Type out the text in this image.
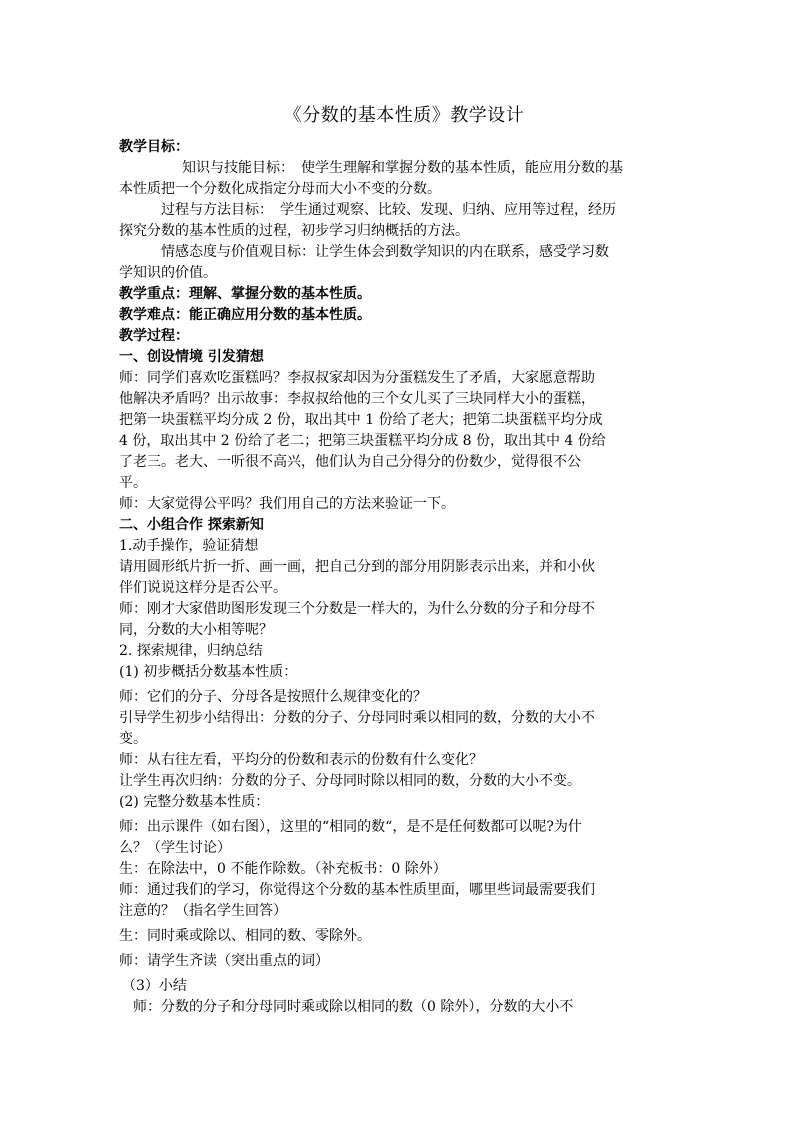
《分数的基本性质》教学设计
教学目标：
　　知识与技能目标：　使学生理解和掌握分数的基本性质，能应用分数的基
本性质把一个分数化成指定分母而大小不变的分数。
　过程与方法目标：　学生通过观察、比较、发现、归纳、应用等过程，经历
探究分数的基本性质的过程，初步学习归纳概括的方法。
　情感态度与价值观目标：让学生体会到数学知识的内在联系，感受学习数
学知识的价值。
教学重点：理解、掌握分数的基本性质。
教学难点：能正确应用分数的基本性质。
教学过程：
一、创设情境 引发猜想
师：同学们喜欢吃蛋糕吗？李叔叔家却因为分蛋糕发生了矛盾，大家愿意帮助
他解决矛盾吗？出示故事：李叔叔给他的三个女儿买了三块同样大小的蛋糕，
把第一块蛋糕平均分成 2 份，取出其中 1 份给了老大；把第二块蛋糕平均分成
4 份，取出其中 2 份给了老二；把第三块蛋糕平均分成 8 份，取出其中 4 份给
了老三。老大、一听很不高兴，他们认为自己分得分的份数少，觉得很不公
平。
师：大家觉得公平吗？我们用自己的方法来验证一下。
二、小组合作 探索新知
1.动手操作，验证猜想
请用圆形纸片折一折、画一画，把自己分到的部分用阴影表示出来，并和小伙
伴们说说这样分是否公平。
师：刚才大家借助图形发现三个分数是一样大的，为什么分数的分子和分母不
同，分数的大小相等呢？
2. 探索规律，归纳总结
(1) 初步概括分数基本性质：
师：它们的分子、分母各是按照什么规律变化的？
引导学生初步小结得出：分数的分子、分母同时乘以相同的数，分数的大小不
变。
师：从右往左看，平均分的份数和表示的份数有什么变化？
让学生再次归纳：分数的分子、分母同时除以相同的数，分数的大小不变。
(2) 完整分数基本性质：
师：出示课件（如右图），这里的“相同的数“，是不是任何数都可以呢?为什
么？（学生讨论）
生：在除法中，0 不能作除数。（补充板书：0 除外）
师：通过我们的学习，你觉得这个分数的基本性质里面，哪里些词最需要我们
注意的？（指名学生回答）
生：同时乘或除以、相同的数、零除外。
师：请学生齐读（突出重点的词）
（3）小结
　师：分数的分子和分母同时乘或除以相同的数（0 除外），分数的大小不
